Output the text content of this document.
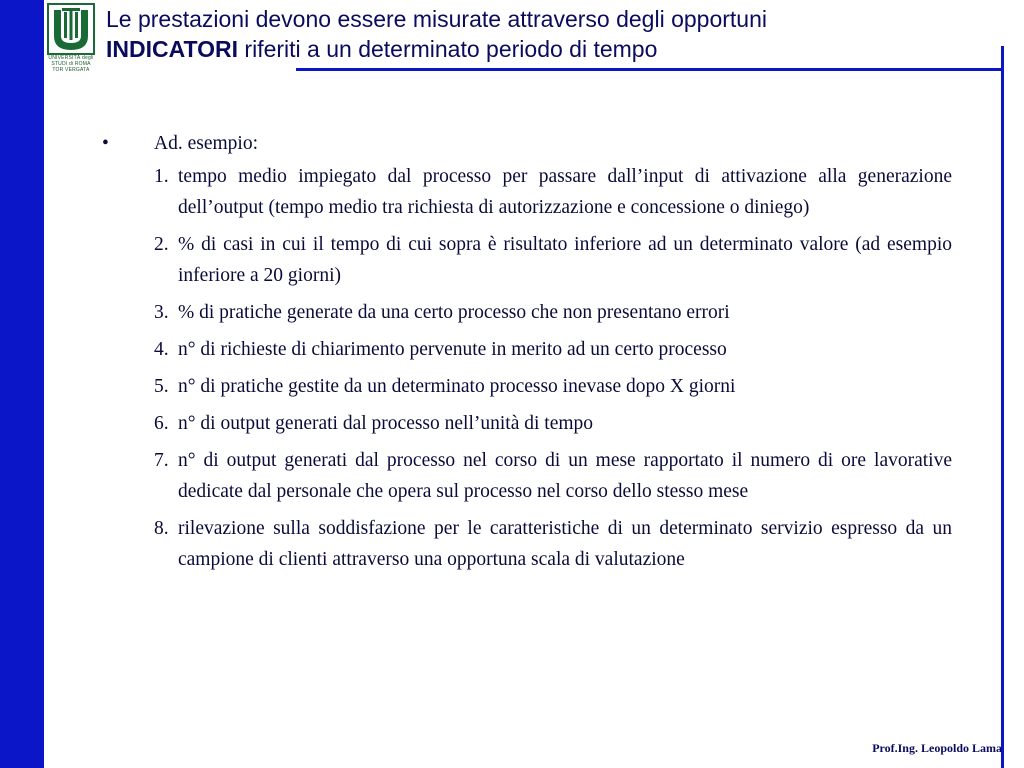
UNIVERSITÀ degli STUDI di ROMA
TOR VERGATA
Le prestazioni devono essere misurate attraverso degli opportuni
INDICATORI riferiti a un determinato periodo di tempo
•	Ad. esempio:
1. tempo medio impiegato dal processo per passare dall’input di attivazione alla generazione dell’output (tempo medio tra richiesta di autorizzazione e concessione o diniego)
2. % di casi in cui il tempo di cui sopra è risultato inferiore ad un determinato valore (ad esempio inferiore a 20 giorni)
3. % di pratiche generate da una certo processo che non presentano errori
4. n° di richieste di chiarimento pervenute in merito ad un certo processo
5. n° di pratiche gestite da un determinato processo inevase dopo X giorni
6. n° di output generati dal processo nell’unità di tempo
7. n° di output generati dal processo nel corso di un mese rapportato il numero di ore lavorative dedicate dal personale che opera sul processo nel corso dello stesso mese
8. rilevazione sulla soddisfazione per le caratteristiche di un determinato servizio espresso da un campione di clienti attraverso una opportuna scala di valutazione
Prof.Ing. Leopoldo Lama
